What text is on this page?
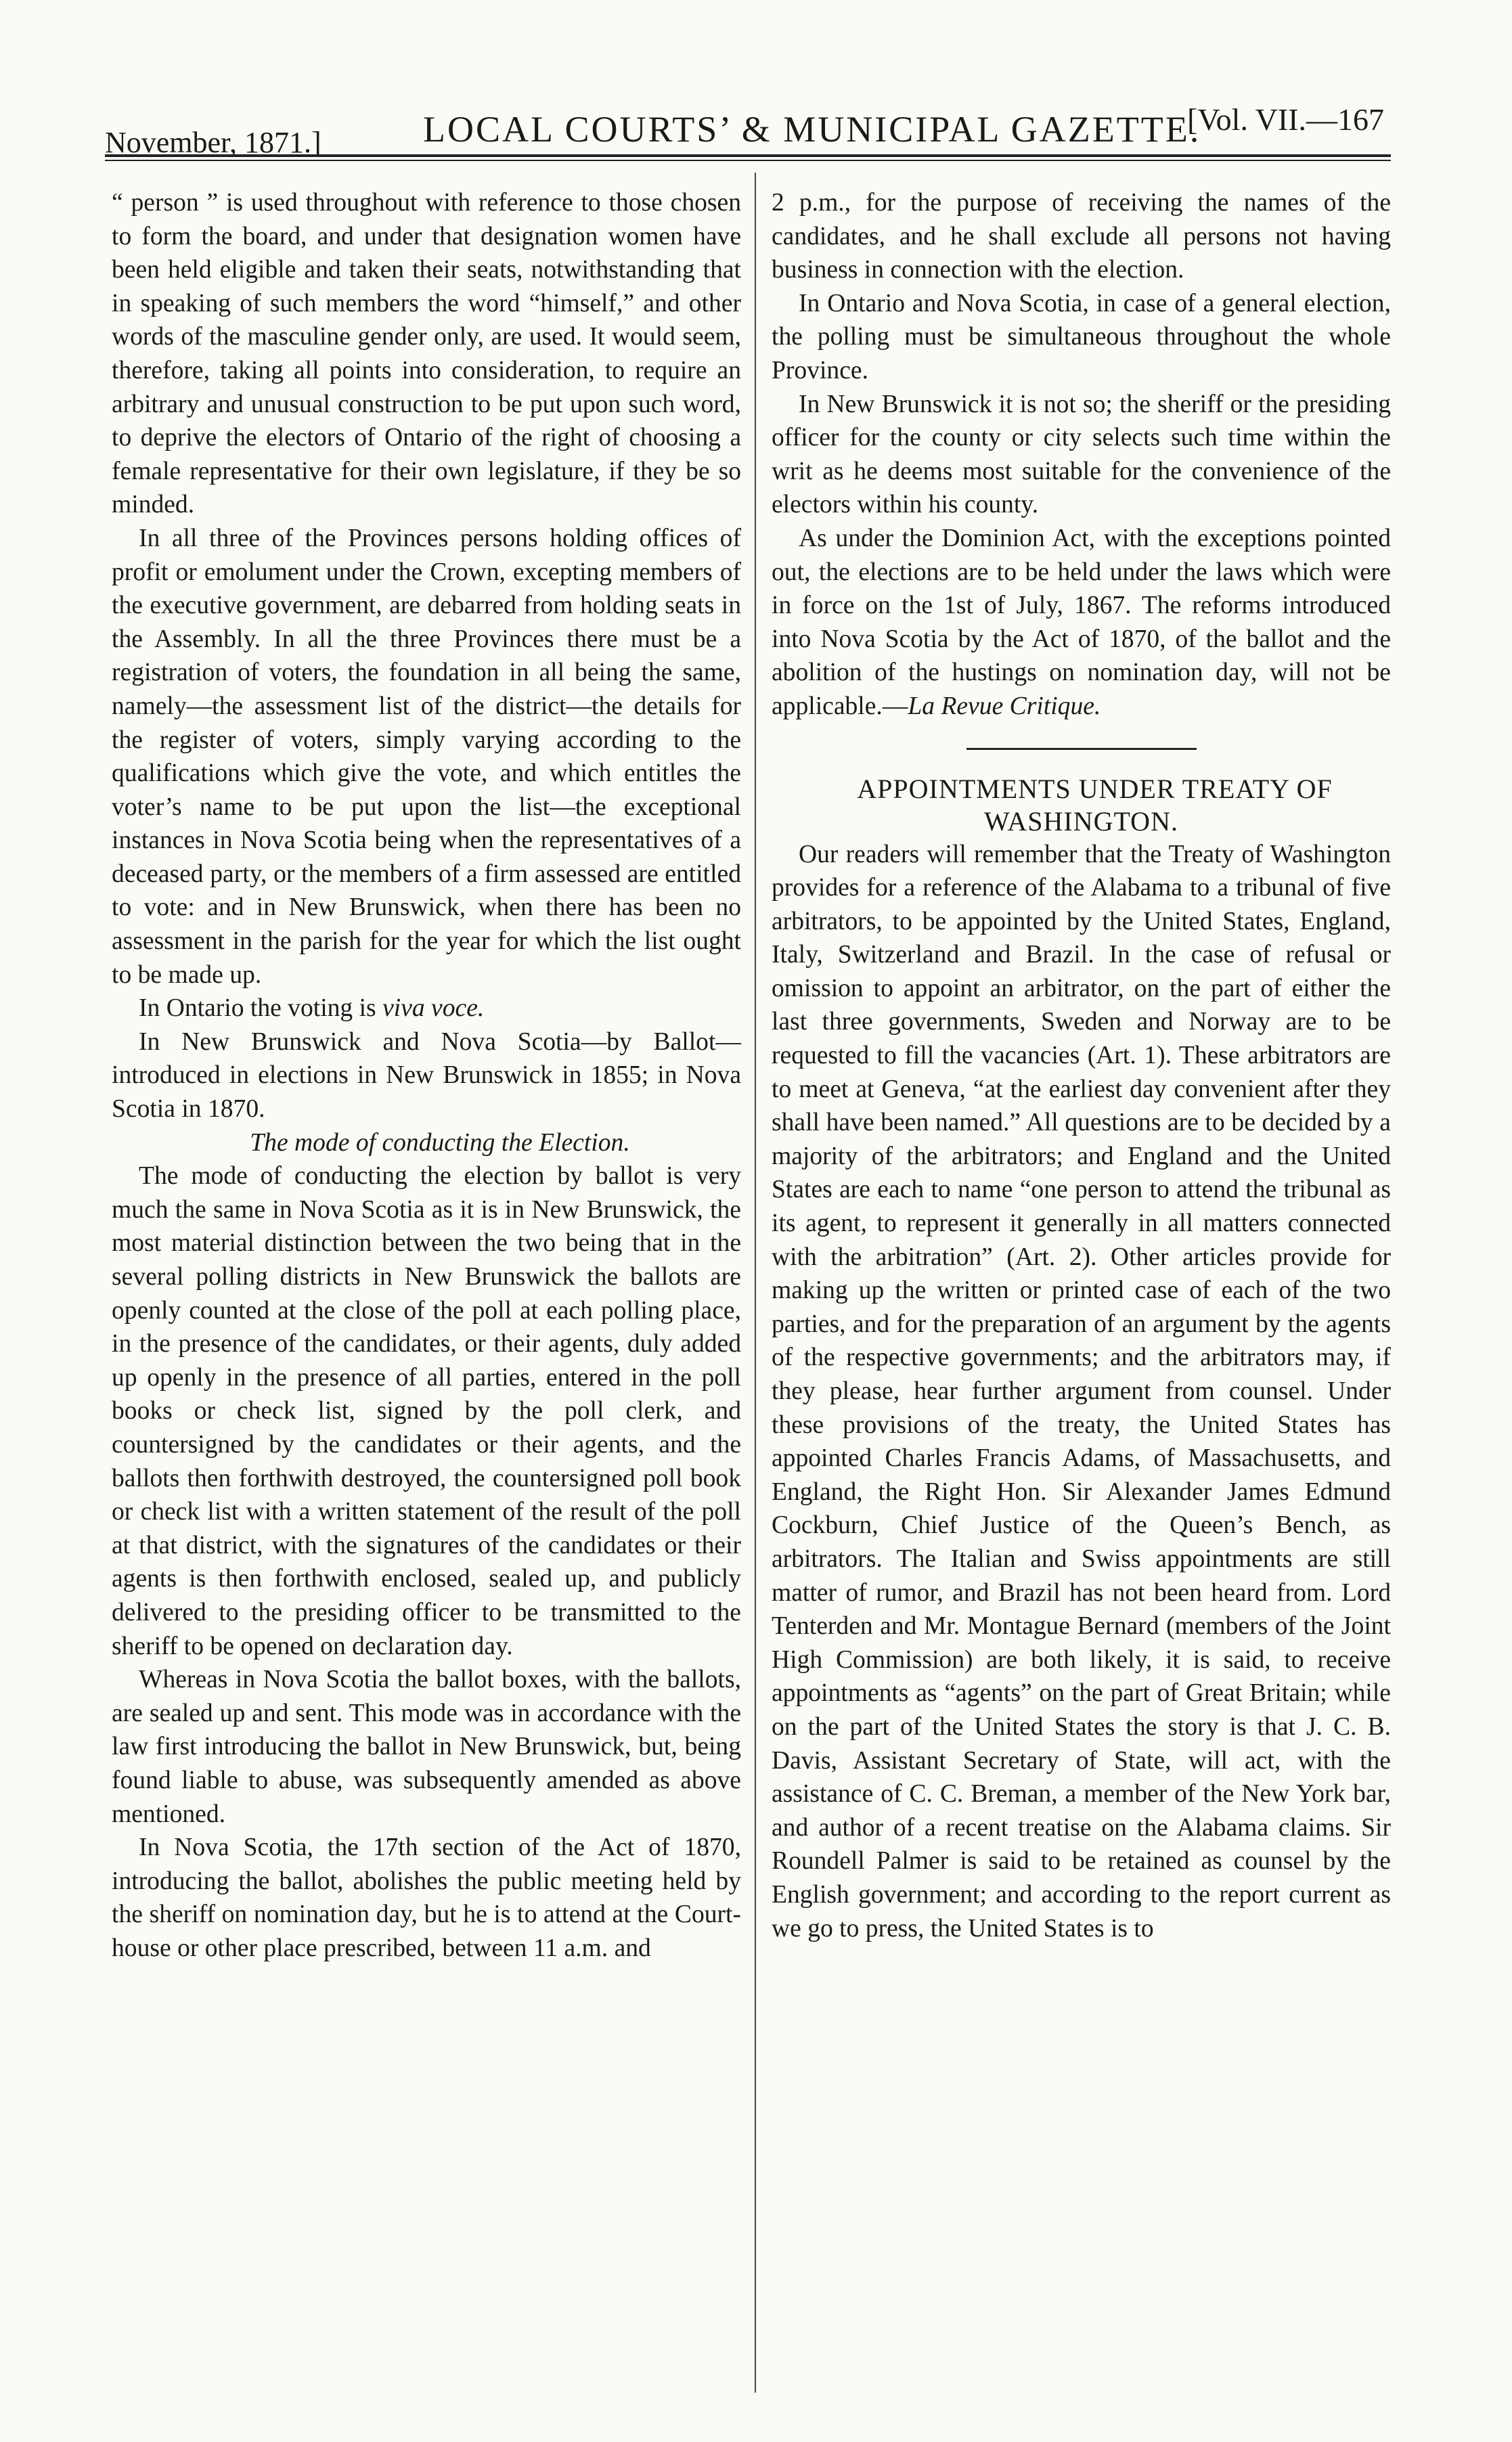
November, 1871.]	LOCAL COURTS’ & MUNICIPAL GAZETTE.
[Vol. VII.—167

“ person ” is used throughout with reference to those chosen to form the board, and under that designation women have been held eligible and taken their seats, notwithstanding that in speaking of such members the word “himself,” and other words of the masculine gender only, are used. It would seem, therefore, taking all points into consideration, to require an arbitrary and unusual construction to be put upon such word, to deprive the electors of Ontario of the right of choosing a female representative for their own legislature, if they be so minded.

In all three of the Provinces persons holding offices of profit or emolument under the Crown, excepting members of the executive government, are debarred from holding seats in the Assembly. In all the three Provinces there must be a registration of voters, the foundation in all being the same, namely—the assessment list of the district—the details for the register of voters, simply varying according to the qualifications which give the vote, and which entitles the voter’s name to be put upon the list—the exceptional instances in Nova Scotia being when the representatives of a deceased party, or the members of a firm assessed are entitled to vote: and in New Brunswick, when there has been no assessment in the parish for the year for which the list ought to be made up.

In Ontario the voting is viva voce.

In New Brunswick and Nova Scotia—by Ballot—introduced in elections in New Brunswick in 1855; in Nova Scotia in 1870.

The mode of conducting the Election.

The mode of conducting the election by ballot is very much the same in Nova Scotia as it is in New Brunswick, the most material distinction between the two being that in the several polling districts in New Brunswick the ballots are openly counted at the close of the poll at each polling place, in the presence of the candidates, or their agents, duly added up openly in the presence of all parties, entered in the poll books or check list, signed by the poll clerk, and countersigned by the candidates or their agents, and the ballots then forthwith destroyed, the countersigned poll book or check list with a written statement of the result of the poll at that district, with the signatures of the candidates or their agents is then forthwith enclosed, sealed up, and publicly delivered to the presiding officer to be transmitted to the sheriff to be opened on declaration day.

Whereas in Nova Scotia the ballot boxes, with the ballots, are sealed up and sent. This mode was in accordance with the law first introducing the ballot in New Brunswick, but, being found liable to abuse, was subsequently amended as above mentioned.

In Nova Scotia, the 17th section of the Act of 1870, introducing the ballot, abolishes the public meeting held by the sheriff on nomination day, but he is to attend at the Court-house or other place prescribed, between 11 a.m. and

2 p.m., for the purpose of receiving the names of the candidates, and he shall exclude all persons not having business in connection with the election.

In Ontario and Nova Scotia, in case of a general election, the polling must be simultaneous throughout the whole Province.

In New Brunswick it is not so; the sheriff or the presiding officer for the county or city selects such time within the writ as he deems most suitable for the convenience of the electors within his county.

As under the Dominion Act, with the exceptions pointed out, the elections are to be held under the laws which were in force on the 1st of July, 1867. The reforms introduced into Nova Scotia by the Act of 1870, of the ballot and the abolition of the hustings on nomination day, will not be applicable.—La Revue Critique.

APPOINTMENTS UNDER TREATY OF WASHINGTON.

Our readers will remember that the Treaty of Washington provides for a reference of the Alabama to a tribunal of five arbitrators, to be appointed by the United States, England, Italy, Switzerland and Brazil. In the case of refusal or omission to appoint an arbitrator, on the part of either the last three governments, Sweden and Norway are to be requested to fill the vacancies (Art. 1). These arbitrators are to meet at Geneva, “at the earliest day convenient after they shall have been named.” All questions are to be decided by a majority of the arbitrators; and England and the United States are each to name “one person to attend the tribunal as its agent, to represent it generally in all matters connected with the arbitration” (Art. 2). Other articles provide for making up the written or printed case of each of the two parties, and for the preparation of an argument by the agents of the respective governments; and the arbitrators may, if they please, hear further argument from counsel. Under these provisions of the treaty, the United States has appointed Charles Francis Adams, of Massachusetts, and England, the Right Hon. Sir Alexander James Edmund Cockburn, Chief Justice of the Queen’s Bench, as arbitrators. The Italian and Swiss appointments are still matter of rumor, and Brazil has not been heard from. Lord Tenterden and Mr. Montague Bernard (members of the Joint High Commission) are both likely, it is said, to receive appointments as “agents” on the part of Great Britain; while on the part of the United States the story is that J. C. B. Davis, Assistant Secretary of State, will act, with the assistance of C. C. Breman, a member of the New York bar, and author of a recent treatise on the Alabama claims. Sir Roundell Palmer is said to be retained as counsel by the English government; and according to the report current as we go to press, the United States is to
